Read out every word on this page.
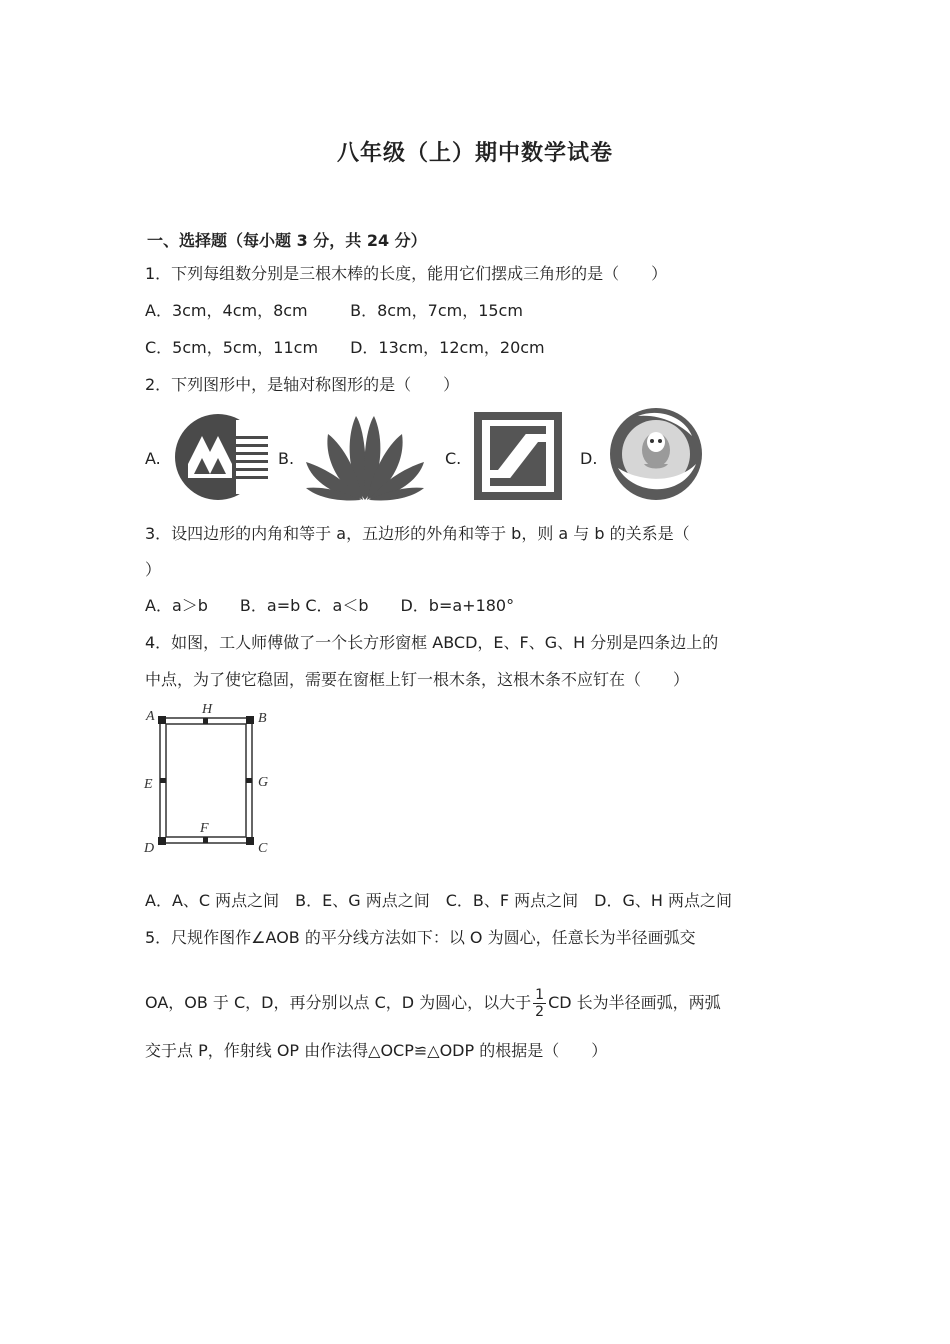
八年级（上）期中数学试卷
一、选择题（每小题 3 分，共 24 分）
1．下列每组数分别是三根木棒的长度，能用它们摆成三角形的是（　　）
A．3cm，4cm，8cm	B．8cm，7cm，15cm
C．5cm，5cm，11cm D．13cm，12cm，20cm
2．下列图形中，是轴对称图形的是（　　）
A.	B.	C.	D.
3．设四边形的内角和等于 a，五边形的外角和等于 b，则 a 与 b 的关系是（
）
A．a＞b　　B．a=b C．a＜b　　D．b=a+180°
4．如图，工人师傅做了一个长方形窗框 ABCD，E、F、G、H 分别是四条边上的
中点，为了使它稳固，需要在窗框上钉一根木条，这根木条不应钉在（　　）
A	B
C
D
E
F
G
H
A．A、C 两点之间　B．E、G 两点之间　C．B、F 两点之间　D．G、H 两点之间
5．尺规作图作∠AOB 的平分线方法如下：以 O 为圆心，任意长为半径画弧交
OA，OB 于 C，D，再分别以点 C，D 为圆心，以大于 $\frac{1}{2}$ CD 长为半径画弧，两弧
交于点 P，作射线 OP 由作法得△OCP≌△ODP 的根据是（　　）
